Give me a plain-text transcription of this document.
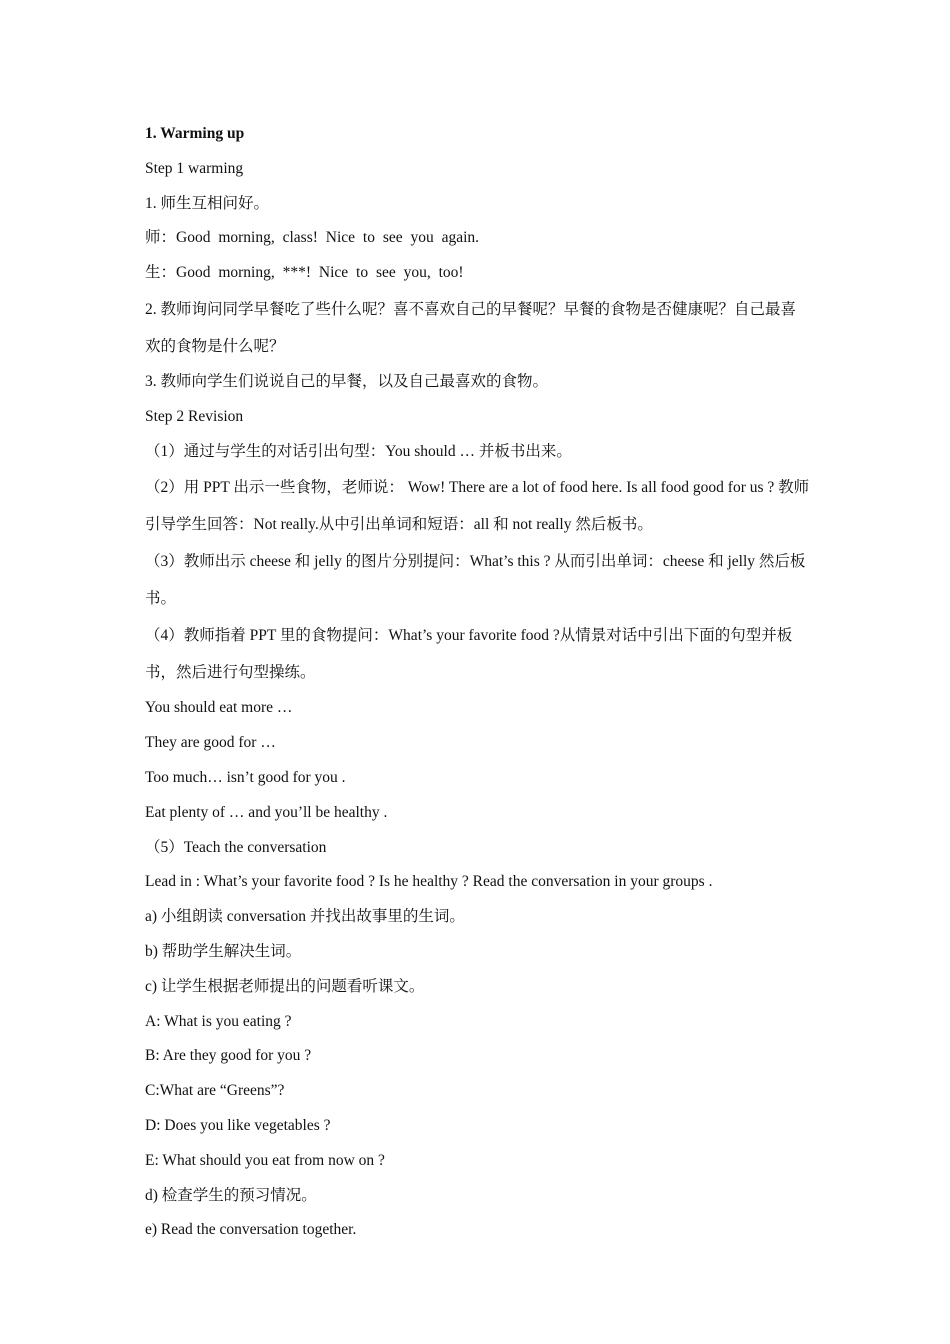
1. Warming up

Step 1 warming

1. 师生互相问好。

师：Good morning, class! Nice to see you again.

生：Good morning, ***! Nice to see you, too!

2. 教师询问同学早餐吃了些什么呢？喜不喜欢自己的早餐呢？早餐的食物是否健康呢？自己最喜欢的食物是什么呢？

3. 教师向学生们说说自己的早餐，以及自己最喜欢的食物。

Step 2 Revision

（1）通过与学生的对话引出句型：You should … 并板书出来。

（2）用 PPT 出示一些食物，老师说： Wow! There are a lot of food here. Is all food good for us ? 教师引导学生回答：Not really.从中引出单词和短语：all 和 not really 然后板书。

（3）教师出示 cheese 和 jelly 的图片分别提问：What’s this ? 从而引出单词：cheese 和 jelly 然后板书。

（4）教师指着 PPT 里的食物提问：What’s your favorite food ?从情景对话中引出下面的句型并板书，然后进行句型操练。

You should eat more …

They are good for …

Too much… isn’t good for you .

Eat plenty of … and you’ll be healthy .

（5）Teach the conversation

Lead in : What’s your favorite food ? Is he healthy ? Read the conversation in your groups .

a) 小组朗读 conversation 并找出故事里的生词。

b) 帮助学生解决生词。

c) 让学生根据老师提出的问题看听课文。

A: What is you eating ?

B: Are they good for you ?

C:What are “Greens”?

D: Does you like vegetables ?

E: What should you eat from now on ?

d) 检查学生的预习情况。

e) Read the conversation together.
